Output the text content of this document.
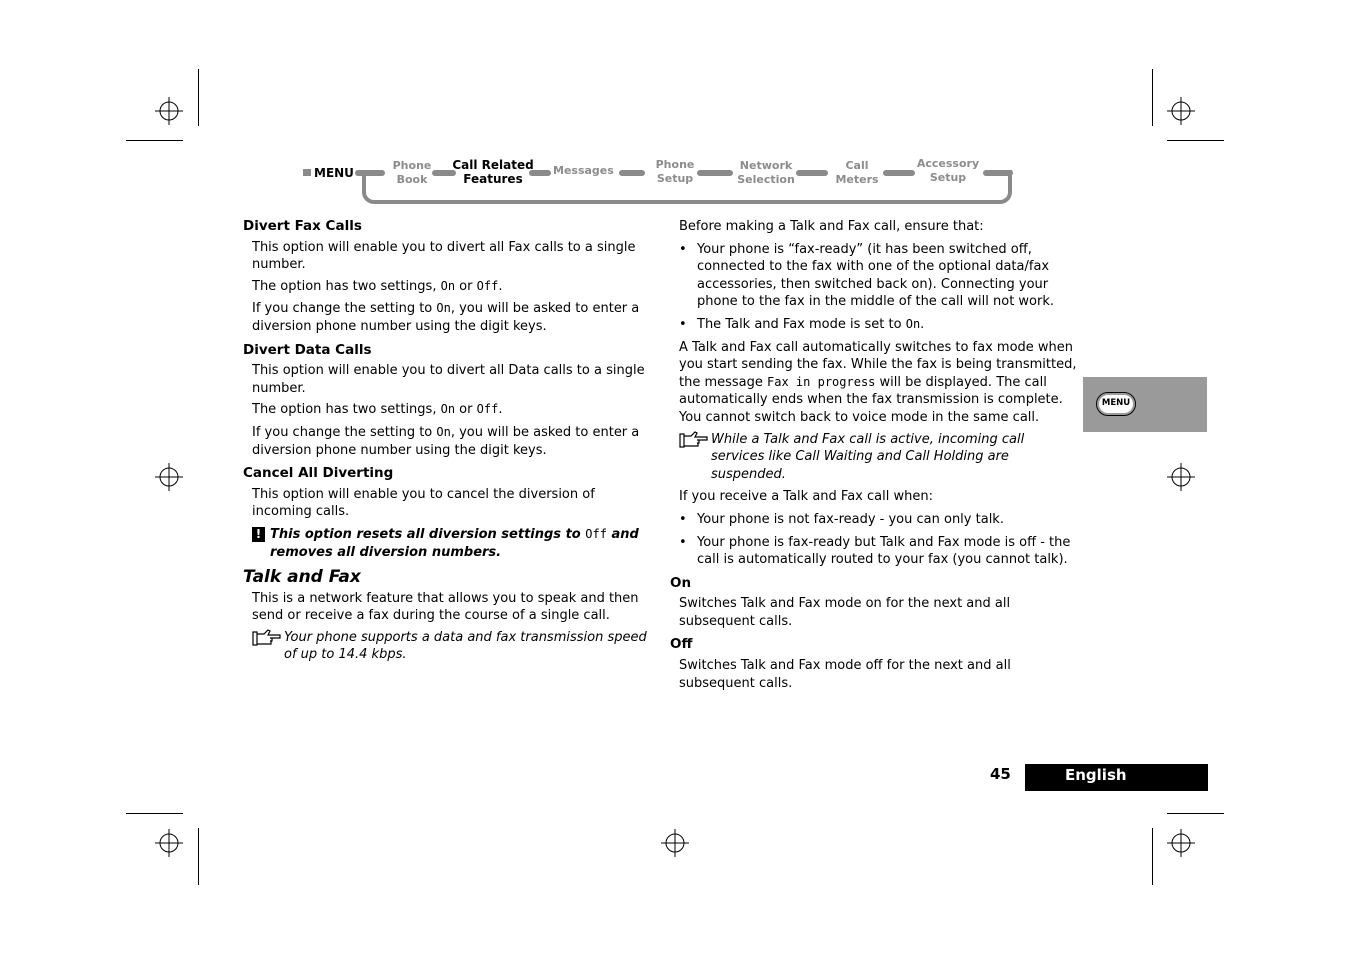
MENU
Phone
Book
Call Related
Features
Messages	Phone
Setup
Network
Selection
Call
Meters
Accessory
Setup
Divert Fax Calls

This option will enable you to divert all Fax calls to a single number.

The option has two settings, On or Off.

If you change the setting to On, you will be asked to enter a diversion phone number using the digit keys.

Divert Data Calls

This option will enable you to divert all Data calls to a single number.

The option has two settings, On or Off.

If you change the setting to On, you will be asked to enter a diversion phone number using the digit keys.

Cancel All Diverting

This option will enable you to cancel the diversion of incoming calls.

! This option resets all diversion settings to Off and removes all diversion numbers.
Talk and Fax

This is a network feature that allows you to speak and then send or receive a fax during the course of a single call.

Your phone supports a data and fax transmission speed of up to 14.4 kbps.

Before making a Talk and Fax call, ensure that:

• Your phone is “fax-ready” (it has been switched off, connected to the fax with one of the optional data/fax accessories, then switched back on). Connecting your phone to the fax in the middle of the call will not work.
• The Talk and Fax mode is set to On.

A Talk and Fax call automatically switches to fax mode when you start sending the fax. While the fax is being transmitted, the message Fax in progress will be displayed. The call automatically ends when the fax transmission is complete. You cannot switch back to voice mode in the same call.

While a Talk and Fax call is active, incoming call services like Call Waiting and Call Holding are suspended.

If you receive a Talk and Fax call when:

• Your phone is not fax-ready - you can only talk.
• Your phone is fax-ready but Talk and Fax mode is off - the call is automatically routed to your fax (you cannot talk).
On

Switches Talk and Fax mode on for the next and all subsequent calls.

Off

Switches Talk and Fax mode off for the next and all subsequent calls.

MENU
45	English
